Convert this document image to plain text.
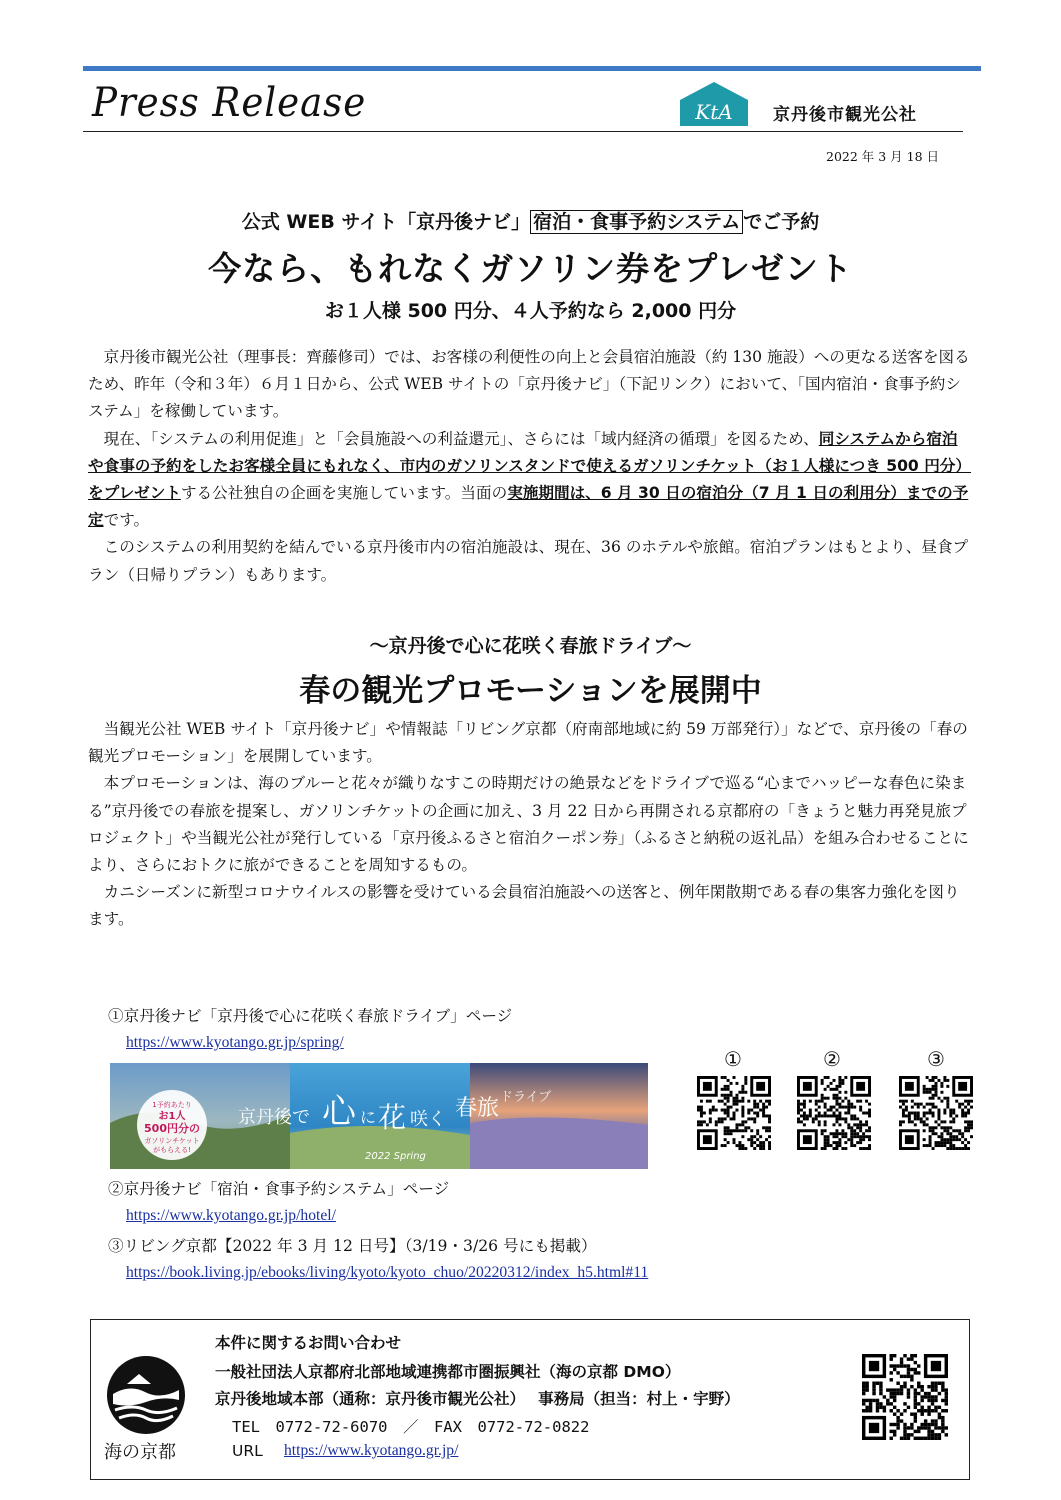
Press Release	KtA 京丹後市観光公社
2022 年 3 月 18 日
公式 WEB サイト「京丹後ナビ」 宿泊・食事予約システム でご予約
今なら、もれなくガソリン券をプレゼント
お１人様 500 円分、４人予約なら 2,000 円分

京丹後市観光公社（理事長：齊藤修司）では、お客様の利便性の向上と会員宿泊施設（約 130 施設）への更なる送客を図るため、昨年（令和３年）６月１日から、公式 WEB サイトの「京丹後ナビ」（下記リンク）において、「国内宿泊・食事予約システム」を稼働しています。

現在、「システムの利用促進」と「会員施設への利益還元」、さらには「域内経済の循環」を図るため、同システムから宿泊や食事の予約をしたお客様全員にもれなく、市内のガソリンスタンドで使えるガソリンチケット（お１人様につき 500 円分）をプレゼントする公社独自の企画を実施しています。当面の実施期間は、6 月 30 日の宿泊分（7 月 1 日の利用分）までの予定です。

このシステムの利用契約を結んでいる京丹後市内の宿泊施設は、現在、36 のホテルや旅館。宿泊プランはもとより、昼食プラン（日帰りプラン）もあります。

～京丹後で心に花咲く春旅ドライブ～
春の観光プロモーションを展開中

当観光公社 WEB サイト「京丹後ナビ」や情報誌「リビング京都（府南部地域に約 59 万部発行）」などで、京丹後の「春の観光プロモーション」を展開しています。

本プロモーションは、海のブルーと花々が織りなすこの時期だけの絶景などをドライブで巡る“心までハッピーな春色に染まる”京丹後での春旅を提案し、ガソリンチケットの企画に加え、3 月 22 日から再開される京都府の「きょうと魅力再発見旅プロジェクト」や当観光公社が発行している「京丹後ふるさと宿泊クーポン券」（ふるさと納税の返礼品）を組み合わせることにより、さらにおトクに旅ができることを周知するもの。

カニシーズンに新型コロナウイルスの影響を受けている会員宿泊施設への送客と、例年閑散期である春の集客力強化を図ります。

①京丹後ナビ「京丹後で心に花咲く春旅ドライブ」ページ
https://www.kyotango.gr.jp/spring/
1予約あたり
お1人
500円分の
ガソリンチケット
がもらえる!
京丹後で 心 に 花 咲く 春旅 ドライブ
2022 Spring
②京丹後ナビ「宿泊・食事予約システム」ページ
https://www.kyotango.gr.jp/hotel/
③リビング京都【2022 年 3 月 12 日号】（3/19・3/26 号にも掲載）
https://book.living.jp/ebooks/living/kyoto/kyoto_chuo/20220312/index_h5.html#11
①	②	③
海の京都
本件に関するお問い合わせ
一般社団法人京都府北部地域連携都市圏振興社（海の京都 DMO）
京丹後地域本部（通称：京丹後市観光公社）　 事務局（担当：村上・宇野）
TEL　0772-72-6070　／　FAX　0772-72-0822
URL https://www.kyotango.gr.jp/
